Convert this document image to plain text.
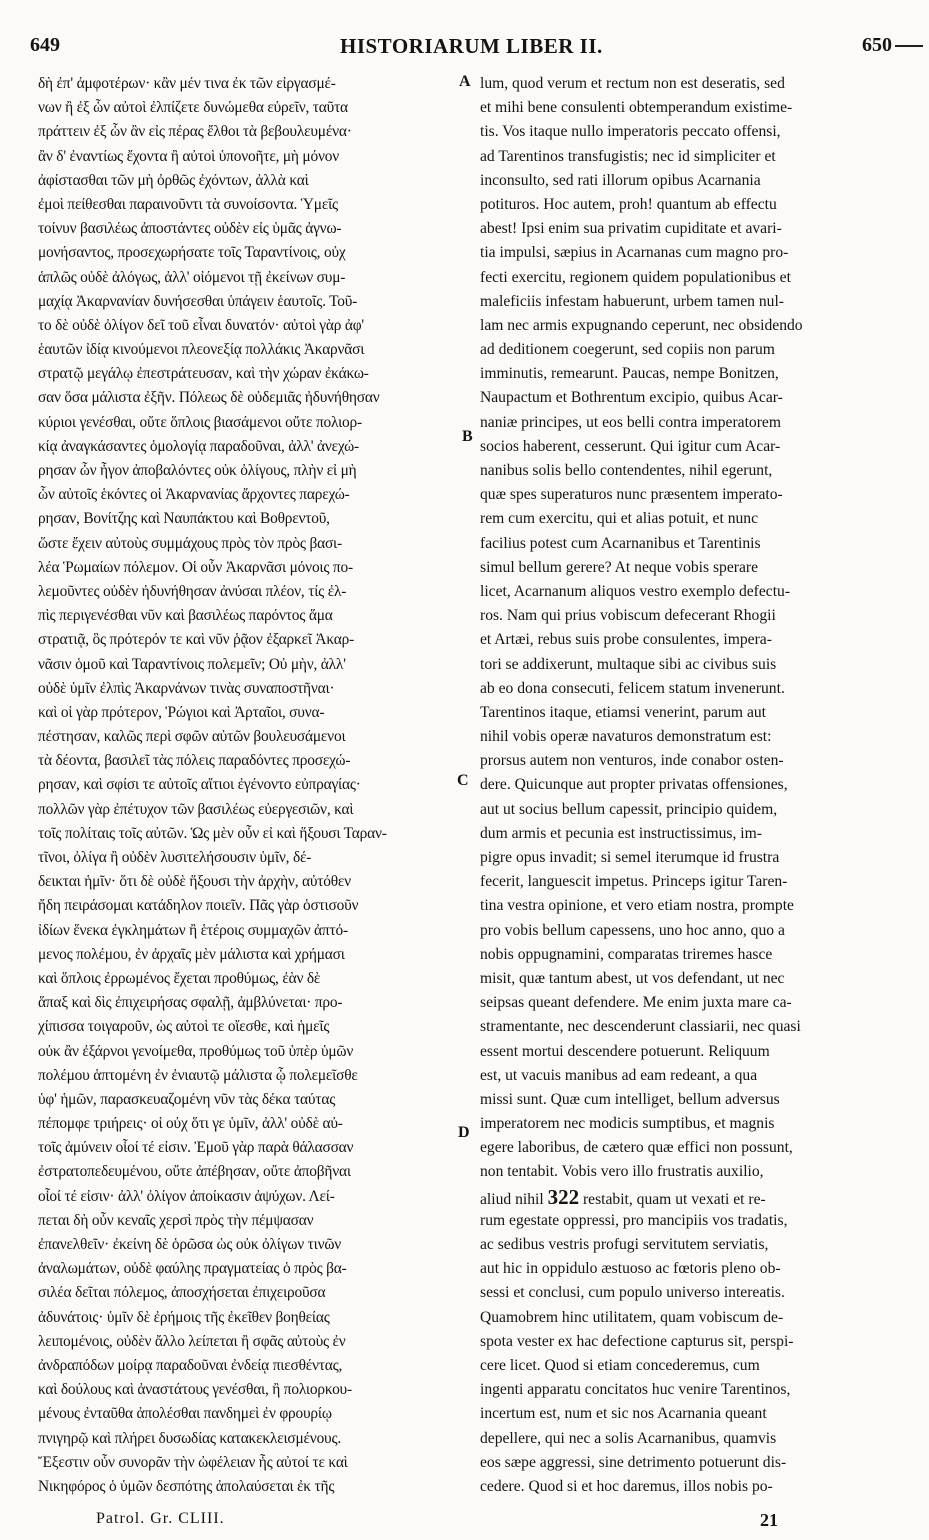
649	HISTORIARUM LIBER II.	650
δὴ ἐπ' ἀμφοτέρων· κἂν μέν τινα ἐκ τῶν εἰργασμέ-
νων ἢ ἐξ ὧν αὐτοὶ ἐλπίζετε δυνώμεθα εὑρεῖν, ταῦτα
πράττειν ἐξ ὧν ἂν εἰς πέρας ἔλθοι τὰ βεβουλευμένα·
ἂν δ' ἐναντίως ἔχοντα ἢ αὐτοὶ ὑπονοῆτε, μὴ μόνον
ἀφίστασθαι τῶν μὴ ὀρθῶς ἐχόντων, ἀλλὰ καὶ
ἐμοὶ πείθεσθαι παραινοῦντι τὰ συνοίσοντα. Ὑμεῖς
τοίνυν βασιλέως ἀποστάντες οὐδὲν εἰς ὑμᾶς ἀγνω-
μονήσαντος, προσεχωρήσατε τοῖς Ταραντίνοις, οὐχ
ἁπλῶς οὐδὲ ἀλόγως, ἀλλ' οἰόμενοι τῇ ἐκείνων συμ-
μαχίᾳ Ἀκαρνανίαν δυνήσεσθαι ὑπάγειν ἑαυτοῖς. Τοῦ-
το δὲ οὐδὲ ὀλίγον δεῖ τοῦ εἶναι δυνατόν· αὐτοὶ γὰρ ἀφ'
ἑαυτῶν ἰδίᾳ κινούμενοι πλεονεξίᾳ πολλάκις Ἀκαρνᾶσι
στρατῷ μεγάλῳ ἐπεστράτευσαν, καὶ τὴν χώραν ἐκάκω-
σαν ὅσα μάλιστα ἐξῆν. Πόλεως δὲ οὐδεμιᾶς ἠδυνήθησαν
κύριοι γενέσθαι, οὔτε ὅπλοις βιασάμενοι οὔτε πολιορ-
κίᾳ ἀναγκάσαντες ὁμολογίᾳ παραδοῦναι, ἀλλ' ἀνεχώ-
ρησαν ὧν ἦγον ἀποβαλόντες οὐκ ὀλίγους, πλὴν εἰ μὴ
ὧν αὐτοῖς ἑκόντες οἱ Ἀκαρνανίας ἄρχοντες παρεχώ-
ρησαν, Βονίτζης καὶ Ναυπάκτου καὶ Βοθρεντοῦ,
ὥστε ἔχειν αὐτοὺς συμμάχους πρὸς τὸν πρὸς βασι-
λέα Ῥωμαίων πόλεμον. Οἱ οὖν Ἀκαρνᾶσι μόνοις πο-
λεμοῦντες οὐδὲν ἠδυνήθησαν ἀνύσαι πλέον, τίς ἐλ-
πὶς περιγενέσθαι νῦν καὶ βασιλέως παρόντος ἅμα
στρατιᾷ, ὃς πρότερόν τε καὶ νῦν ῥᾷον ἐξαρκεῖ Ἀκαρ-
νᾶσιν ὁμοῦ καὶ Ταραντίνοις πολεμεῖν; Οὐ μὴν, ἀλλ'
οὐδὲ ὑμῖν ἐλπὶς Ἀκαρνάνων τινὰς συναποστῆναι·
καὶ οἱ γὰρ πρότερον, Ῥώγιοι καὶ Ἀρταῖοι, συνα-
πέστησαν, καλῶς περὶ σφῶν αὐτῶν βουλευσάμενοι
τὰ δέοντα, βασιλεῖ τὰς πόλεις παραδόντες προσεχώ-
ρησαν, καὶ σφίσι τε αὐτοῖς αἴτιοι ἐγένοντο εὐπραγίας·
πολλῶν γὰρ ἐπέτυχον τῶν βασιλέως εὐεργεσιῶν, καὶ
τοῖς πολίταις τοῖς αὐτῶν. Ὡς μὲν οὖν εἰ καὶ ἥξουσι Ταραν-
τῖνοι, ὀλίγα ἢ οὐδὲν λυσιτελήσουσιν ὑμῖν, δέ-
δεικται ἡμῖν· ὅτι δὲ οὐδὲ ἥξουσι τὴν ἀρχὴν, αὐτόθεν
ἤδη πειράσομαι κατάδηλον ποιεῖν. Πᾶς γὰρ ὁστισοῦν
ἰδίων ἕνεκα ἐγκλημάτων ἢ ἑτέροις συμμαχῶν ἀπτό-
μενος πολέμου, ἐν ἀρχαῖς μὲν μάλιστα καὶ χρήμασι
καὶ ὅπλοις ἐρρωμένος ἔχεται προθύμως, ἐὰν δὲ
ἅπαξ καὶ δὶς ἐπιχειρήσας σφαλῇ, ἀμβλύνεται· προ-
χίπισσα τοιγαροῦν, ὡς αὐτοὶ τε οἴεσθε, καὶ ἡμεῖς
οὐκ ἂν ἐξάρνοι γενοίμεθα, προθύμως τοῦ ὑπὲρ ὑμῶν
πολέμου ἁπτομένη ἐν ἐνιαυτῷ μάλιστα ᾧ πολεμεῖσθε
ὑφ' ἡμῶν, παρασκευαζομένη νῦν τὰς δέκα ταύτας
πέπομφε τριήρεις· οἱ οὐχ ὅτι γε ὑμῖν, ἀλλ' οὐδὲ αὐ-
τοῖς ἀμύνειν οἷοί τέ εἰσιν. Ἐμοῦ γὰρ παρὰ θάλασσαν
ἐστρατοπεδευμένου, οὔτε ἀπέβησαν, οὔτε ἀποβῆναι
οἷοί τέ εἰσιν· ἀλλ' ὀλίγον ἀποίκασιν ἀψύχων. Λεί-
πεται δὴ οὖν κεναῖς χερσὶ πρὸς τὴν πέμψασαν
ἐπανελθεῖν· ἐκείνη δὲ ὁρῶσα ὡς οὐκ ὀλίγων τινῶν
ἀναλωμάτων, οὐδὲ φαύλης πραγματείας ὁ πρὸς βα-
σιλέα δεῖται πόλεμος, ἀποσχήσεται ἐπιχειροῦσα
ἀδυνάτοις· ὑμῖν δὲ ἐρήμοις τῆς ἐκεῖθεν βοηθείας
λειπομένοις, οὐδὲν ἄλλο λείπεται ἢ σφᾶς αὐτοὺς ἐν
ἀνδραπόδων μοίρᾳ παραδοῦναι ἐνδείᾳ πιεσθέντας,
καὶ δούλους καὶ ἀναστάτους γενέσθαι, ἢ πολιορκου-
μένους ἐνταῦθα ἀπολέσθαι πανδημεὶ ἐν φρουρίῳ
πνιγηρῷ καὶ πλήρει δυσωδίας κατακεκλεισμένους.
Ἔξεστιν οὖν συνορᾶν τὴν ὠφέλειαν ἧς αὐτοί τε καὶ
Νικηφόρος ὁ ὑμῶν δεσπότης ἀπολαύσεται ἐκ τῆς
lum, quod verum et rectum non est deseratis, sed
et mihi bene consulenti obtemperandum existime-
tis. Vos itaque nullo imperatoris peccato offensi,
ad Tarentinos transfugistis; nec id simpliciter et
inconsulto, sed rati illorum opibus Acarnania
potituros. Hoc autem, proh! quantum ab effectu
abest! Ipsi enim sua privatim cupiditate et avari-
tia impulsi, sæpius in Acarnanas cum magno pro-
fecti exercitu, regionem quidem populationibus et
maleficiis infestam habuerunt, urbem tamen nul-
lam nec armis expugnando ceperunt, nec obsidendo
ad deditionem coegerunt, sed copiis non parum
imminutis, remearunt. Paucas, nempe Bonitzen,
Naupactum et Bothrentum excipio, quibus Acar-
naniæ principes, ut eos belli contra imperatorem
socios haberent, cesserunt. Qui igitur cum Acar-
nanibus solis bello contendentes, nihil egerunt,
quæ spes superaturos nunc præsentem imperato-
rem cum exercitu, qui et alias potuit, et nunc
facilius potest cum Acarnanibus et Tarentinis
simul bellum gerere? At neque vobis sperare
licet, Acarnanum aliquos vestro exemplo defectu-
ros. Nam qui prius vobiscum defecerant Rhogii
et Artæi, rebus suis probe consulentes, impera-
tori se addixerunt, multaque sibi ac civibus suis
ab eo dona consecuti, felicem statum invenerunt.
Tarentinos itaque, etiamsi venerint, parum aut
nihil vobis operæ navaturos demonstratum est:
prorsus autem non venturos, inde conabor osten-
dere. Quicunque aut propter privatas offensiones,
aut ut socius bellum capessit, principio quidem,
dum armis et pecunia est instructissimus, im-
pigre opus invadit; si semel iterumque id frustra
fecerit, languescit impetus. Princeps igitur Taren-
tina vestra opinione, et vero etiam nostra, prompte
pro vobis bellum capessens, uno hoc anno, quo a
nobis oppugnamini, comparatas triremes hasce
misit, quæ tantum abest, ut vos defendant, ut nec
seipsas queant defendere. Me enim juxta mare ca-
stramentante, nec descenderunt classiarii, nec quasi
essent mortui descendere potuerunt. Reliquum
est, ut vacuis manibus ad eam redeant, a qua
missi sunt. Quæ cum intelliget, bellum adversus
imperatorem nec modicis sumptibus, et magnis
egere laboribus, de cætero quæ effici non possunt,
non tentabit. Vobis vero illo frustratis auxilio,
aliud nihil 322 restabit, quam ut vexati et re-
rum egestate oppressi, pro mancipiis vos tradatis,
ac sedibus vestris profugi servitutem serviatis,
aut hic in oppidulo æstuoso ac fœtoris pleno ob-
sessi et conclusi, cum populo universo intereatis.
Quamobrem hinc utilitatem, quam vobiscum de-
spota vester ex hac defectione capturus sit, perspi-
cere licet. Quod si etiam concederemus, cum
ingenti apparatu concitatos huc venire Tarentinos,
incertum est, num et sic nos Acarnania queant
depellere, qui nec a solis Acarnanibus, quamvis
eos sæpe aggressi, sine detrimento potuerunt dis-
cedere. Quod si et hoc daremus, illos nobis po-
A
B
C
D
Patrol. Gr. CLIII.	21
